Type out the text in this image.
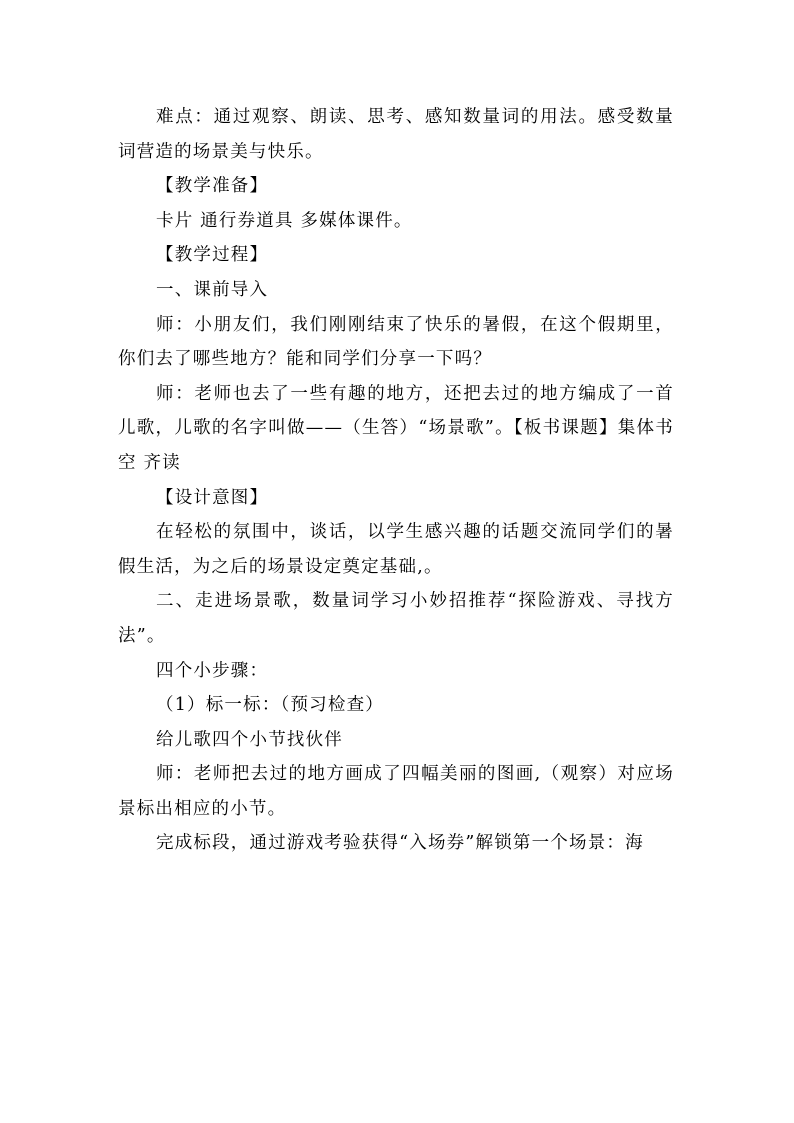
难点：通过观察、朗读、思考、感知数量词的用法。感受数量词营造的场景美与快乐。

【教学准备】

卡片 通行券道具 多媒体课件。

【教学过程】

一、课前导入

师：小朋友们，我们刚刚结束了快乐的暑假，在这个假期里，你们去了哪些地方？能和同学们分享一下吗？

师：老师也去了一些有趣的地方，还把去过的地方编成了一首儿歌，儿歌的名字叫做——（生答）“场景歌”。【板书课题】集体书空 齐读

【设计意图】

在轻松的氛围中，谈话，以学生感兴趣的话题交流同学们的暑假生活，为之后的场景设定奠定基础,。

二、走进场景歌，数量词学习小妙招推荐“探险游戏、寻找方法”。

四个小步骤：

（1）标一标：（预习检查）

给儿歌四个小节找伙伴

师：老师把去过的地方画成了四幅美丽的图画,（观察）对应场景标出相应的小节。

完成标段，通过游戏考验获得“入场券”解锁第一个场景：海
